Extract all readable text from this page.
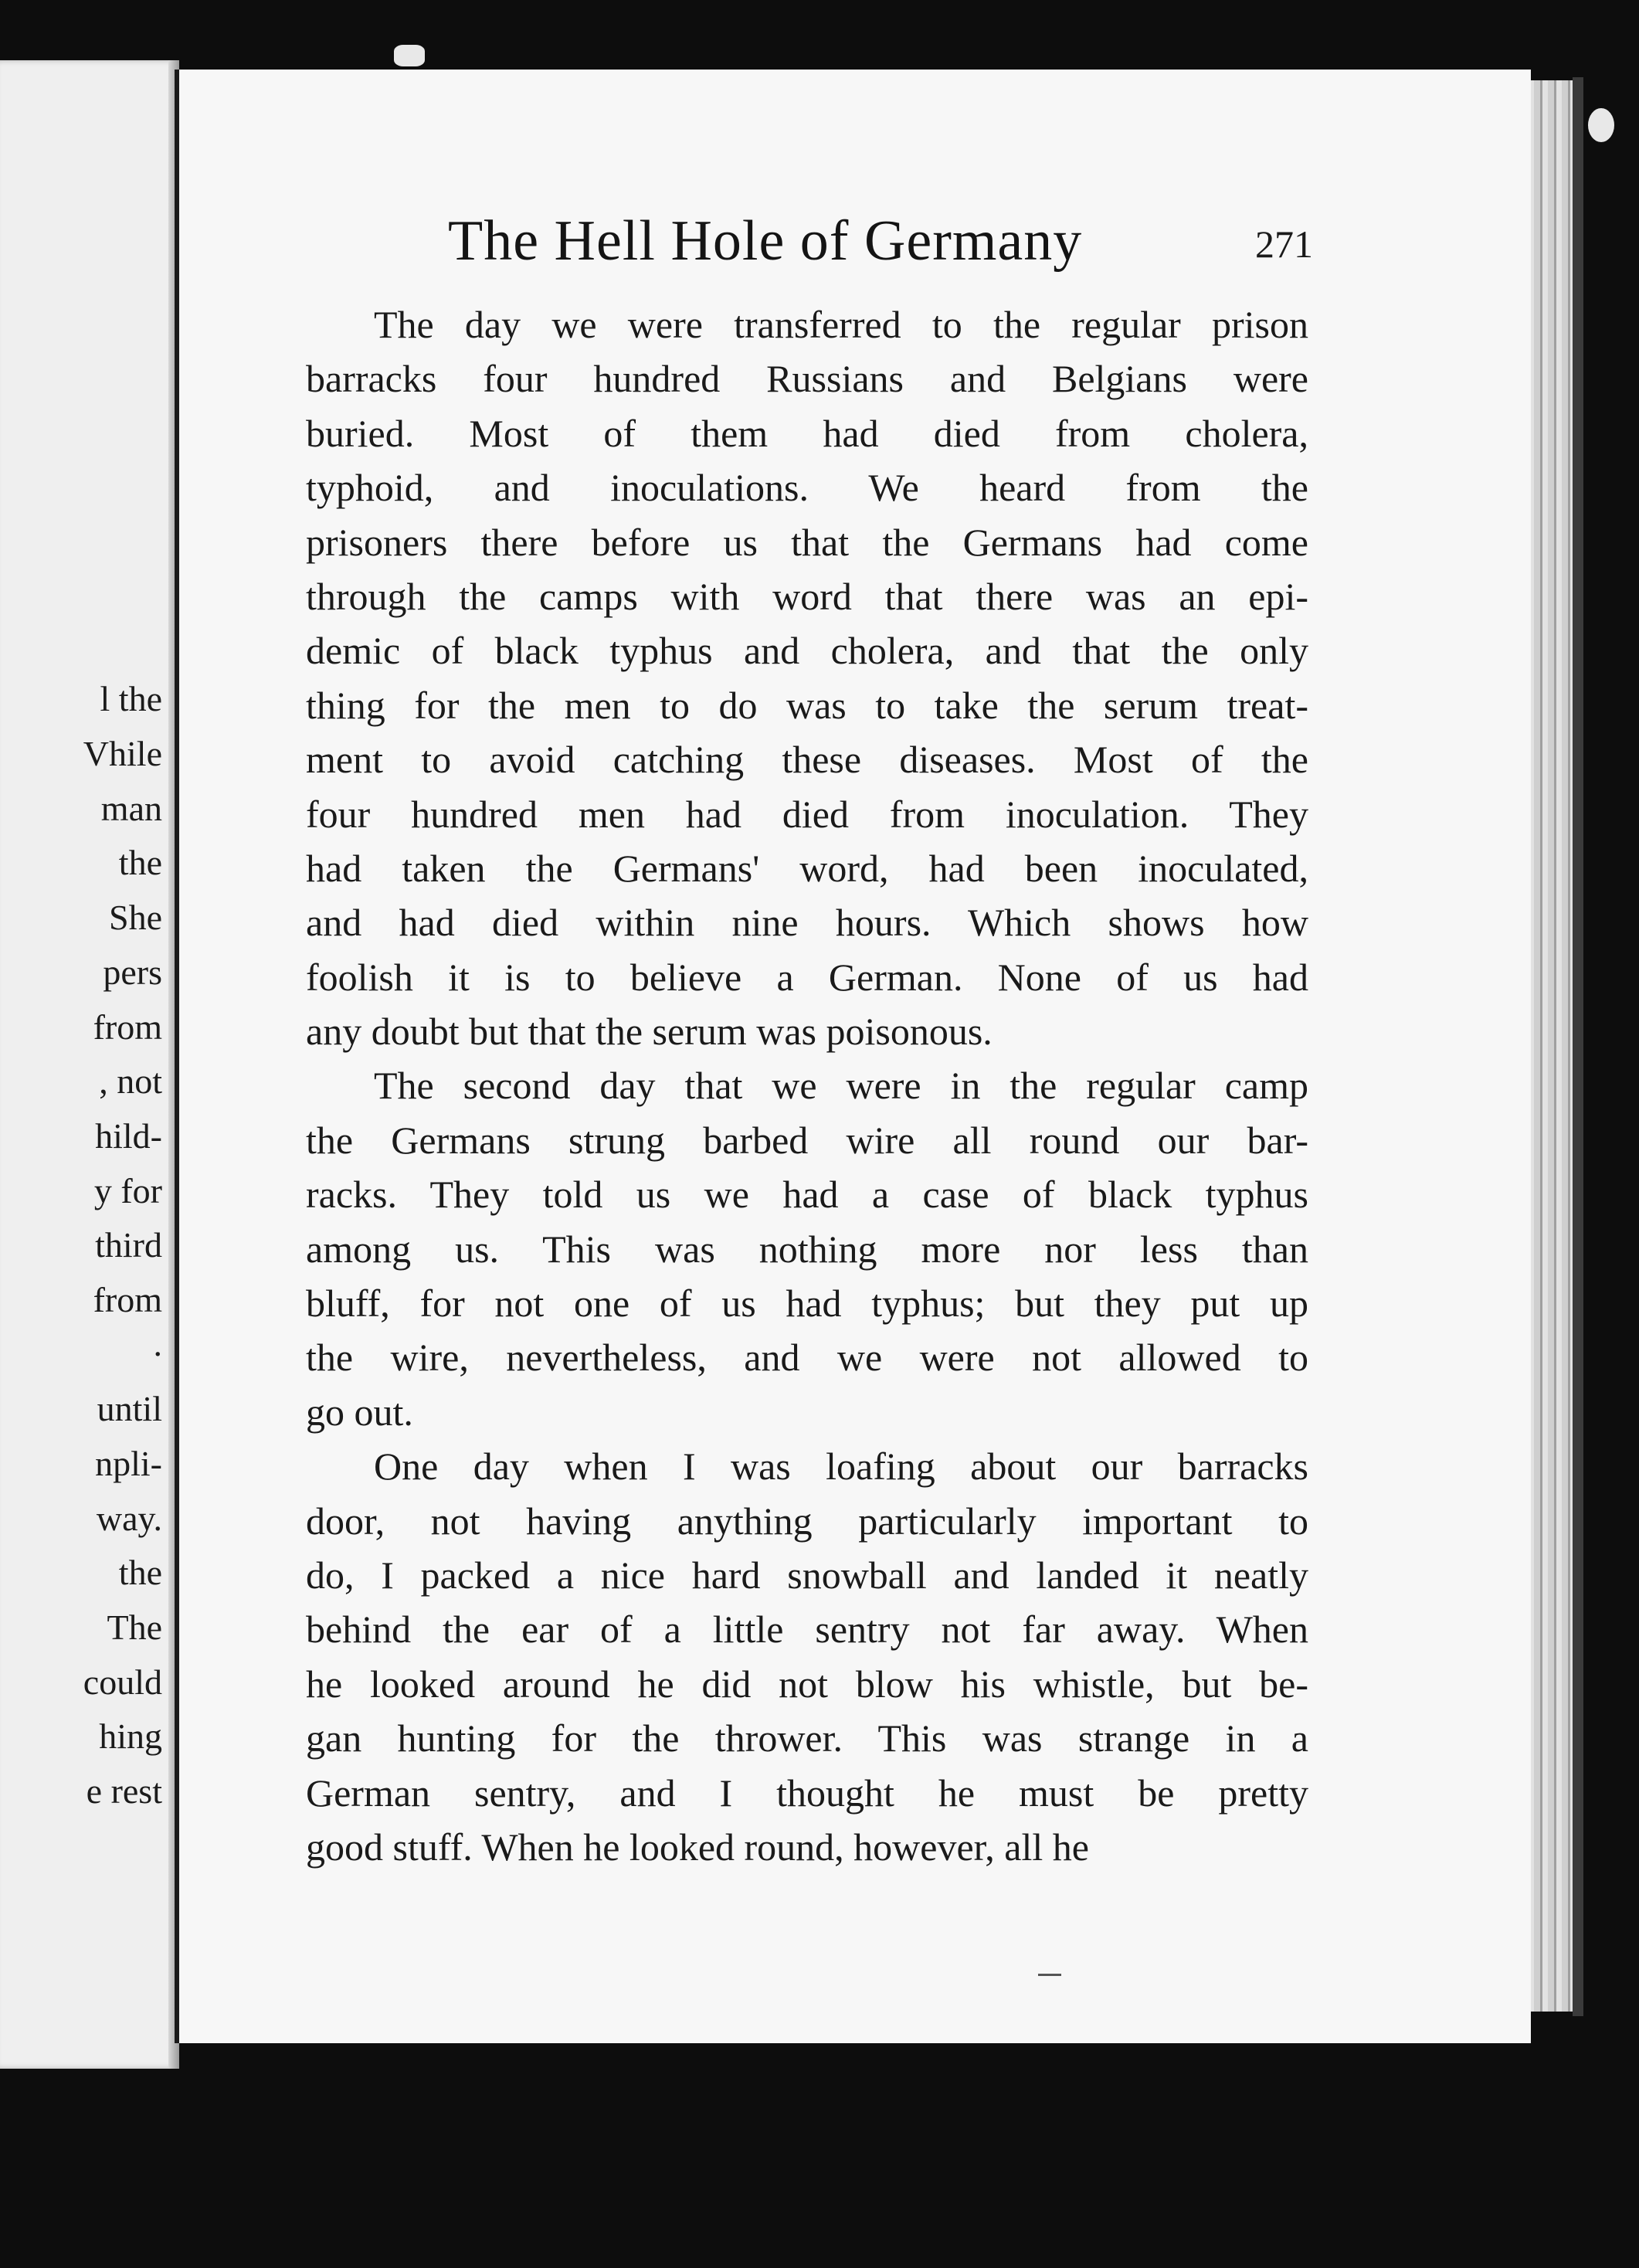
l the
Vhile
man
the
She
pers
from
, not
hild-
y for
third
from
.
until
npli-
way.
the
The
could
hing
e rest
The Hell Hole of Germany	271
The day we were transferred to the regular prison
barracks four hundred Russians and Belgians were
buried. Most of them had died from cholera,
typhoid, and inoculations. We heard from the
prisoners there before us that the Germans had come
through the camps with word that there was an epi-
demic of black typhus and cholera, and that the only
thing for the men to do was to take the serum treat-
ment to avoid catching these diseases. Most of the
four hundred men had died from inoculation. They
had taken the Germans' word, had been inoculated,
and had died within nine hours. Which shows how
foolish it is to believe a German. None of us had
any doubt but that the serum was poisonous.
The second day that we were in the regular camp
the Germans strung barbed wire all round our bar-
racks. They told us we had a case of black typhus
among us. This was nothing more nor less than
bluff, for not one of us had typhus; but they put up
the wire, nevertheless, and we were not allowed to
go out.
One day when I was loafing about our barracks
door, not having anything particularly important to
do, I packed a nice hard snowball and landed it neatly
behind the ear of a little sentry not far away. When
he looked around he did not blow his whistle, but be-
gan hunting for the thrower. This was strange in a
German sentry, and I thought he must be pretty
good stuff. When he looked round, however, all he
